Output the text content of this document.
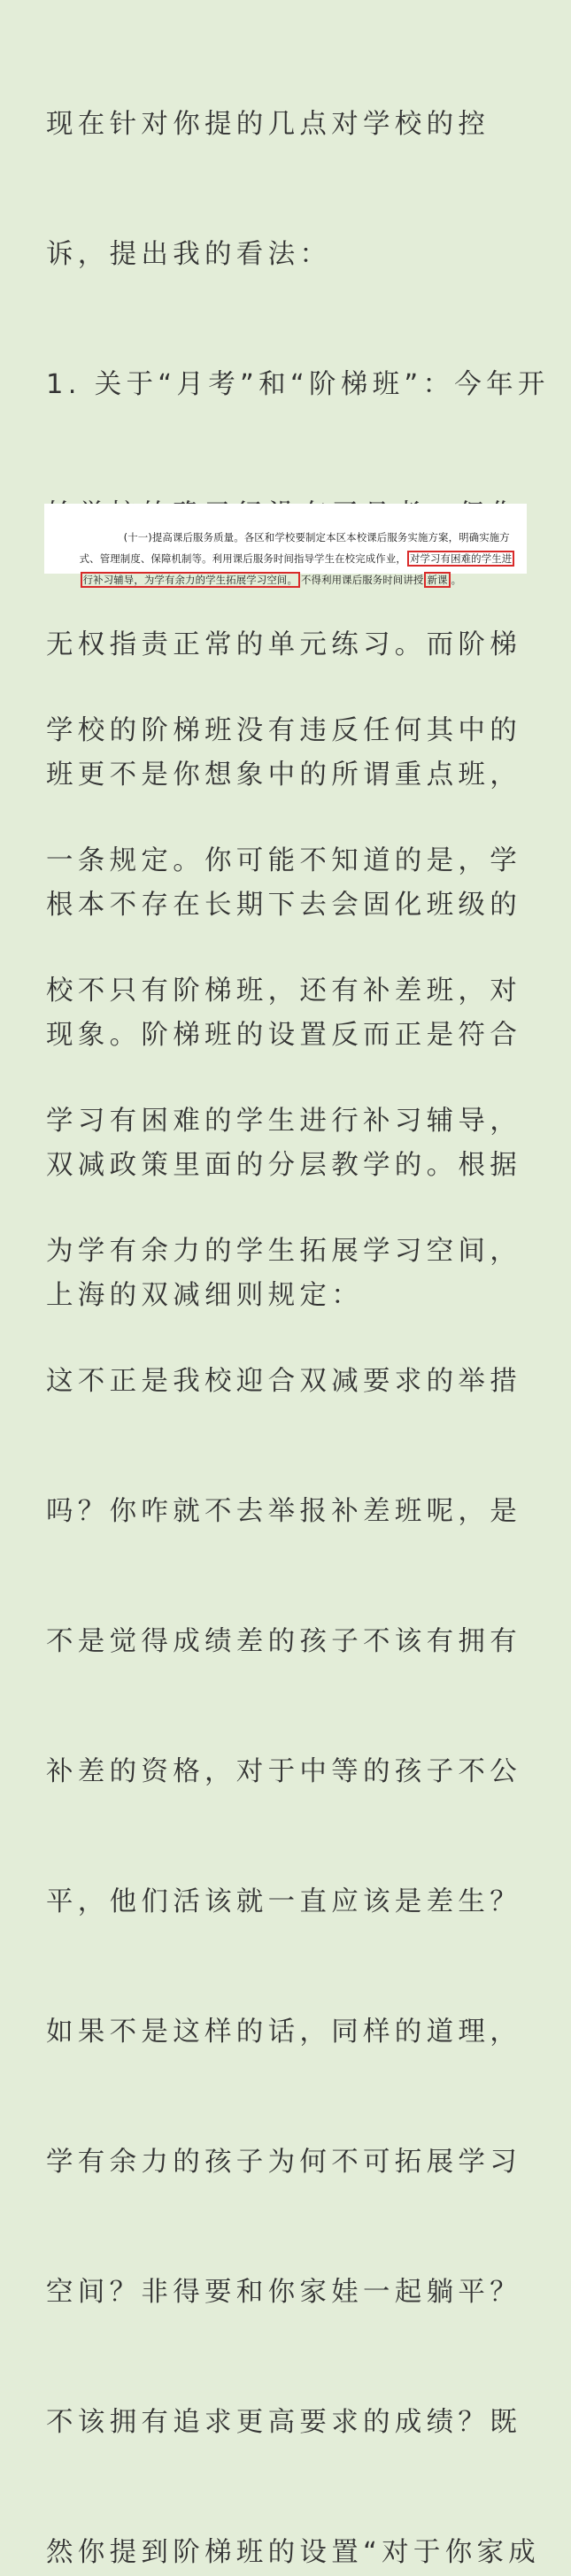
现在针对你提的几点对学校的控

诉，提出我的看法：

1. 关于“月考”和“阶梯班”：今年开

无权指责正常的单元练习。而阶梯

班更不是你想象中的所谓重点班，

根本不存在长期下去会固化班级的

现象。阶梯班的设置反而正是符合

双减政策里面的分层教学的。根据

上海的双减细则规定：

(十一)提高课后服务质量。各区和学校要制定本区本校课后服务实施方案，明确实施方

式、管理制度、保障机制等。利用课后服务时间指导学生在校完成作业， 对学习有困难的学生进

行补习辅导，为学有余力的学生拓展学习空间。 不得利用课后服务时间讲授 新课 。

学校的阶梯班没有违反任何其中的

一条规定。你可能不知道的是，学

校不只有阶梯班，还有补差班，对

学习有困难的学生进行补习辅导，

为学有余力的学生拓展学习空间，

这不正是我校迎合双减要求的举措

吗？你咋就不去举报补差班呢，是

不是觉得成绩差的孩子不该有拥有

补差的资格，对于中等的孩子不公

平，他们活该就一直应该是差生？

如果不是这样的话，同样的道理，

学有余力的孩子为何不可拓展学习

空间？非得要和你家娃一起躺平？

不该拥有追求更高要求的成绩？既

然你提到阶梯班的设置“对于你家成
